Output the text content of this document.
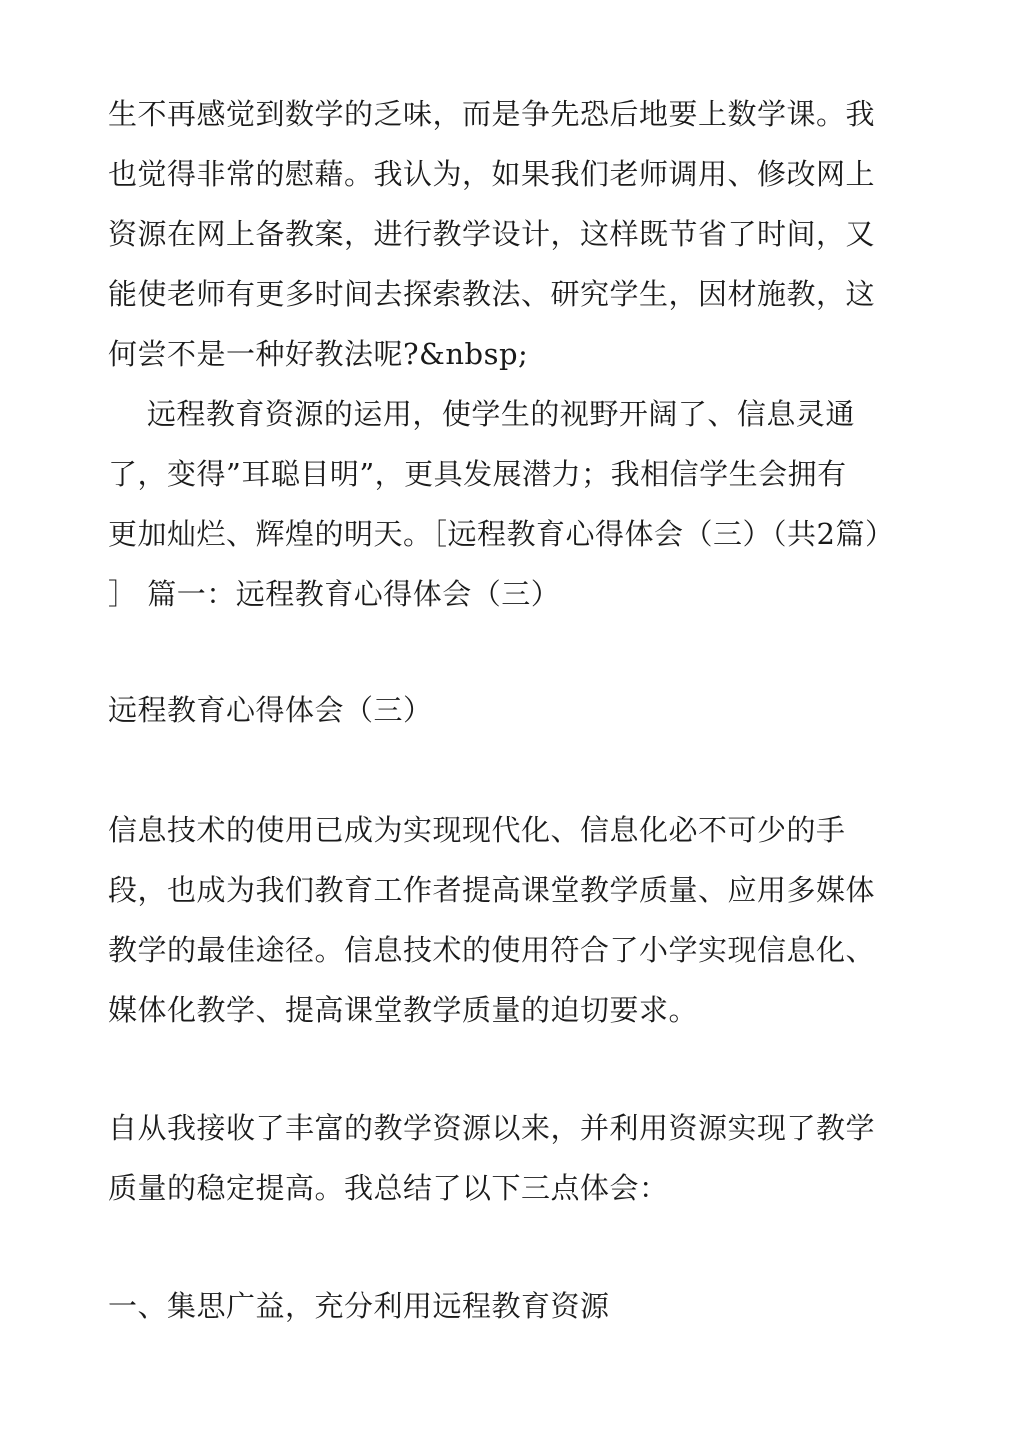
生不再感觉到数学的乏味，而是争先恐后地要上数学课。我
也觉得非常的慰藉。我认为，如果我们老师调用、修改网上
资源在网上备教案，进行教学设计，这样既节省了时间，又
能使老师有更多时间去探索教法、研究学生，因材施教，这
何尝不是一种好教法呢?&nbsp;
远程教育资源的运用，使学生的视野开阔了、信息灵通
了，变得”耳聪目明”，更具发展潜力；我相信学生会拥有
更加灿烂、辉煌的明天。［远程教育心得体会（三）（共2篇）
］ 篇一：远程教育心得体会（三）
远程教育心得体会（三）
信息技术的使用已成为实现现代化、信息化必不可少的手
段，也成为我们教育工作者提高课堂教学质量、应用多媒体
教学的最佳途径。信息技术的使用符合了小学实现信息化、
媒体化教学、提高课堂教学质量的迫切要求。
自从我接收了丰富的教学资源以来，并利用资源实现了教学
质量的稳定提高。我总结了以下三点体会：
一、集思广益，充分利用远程教育资源
